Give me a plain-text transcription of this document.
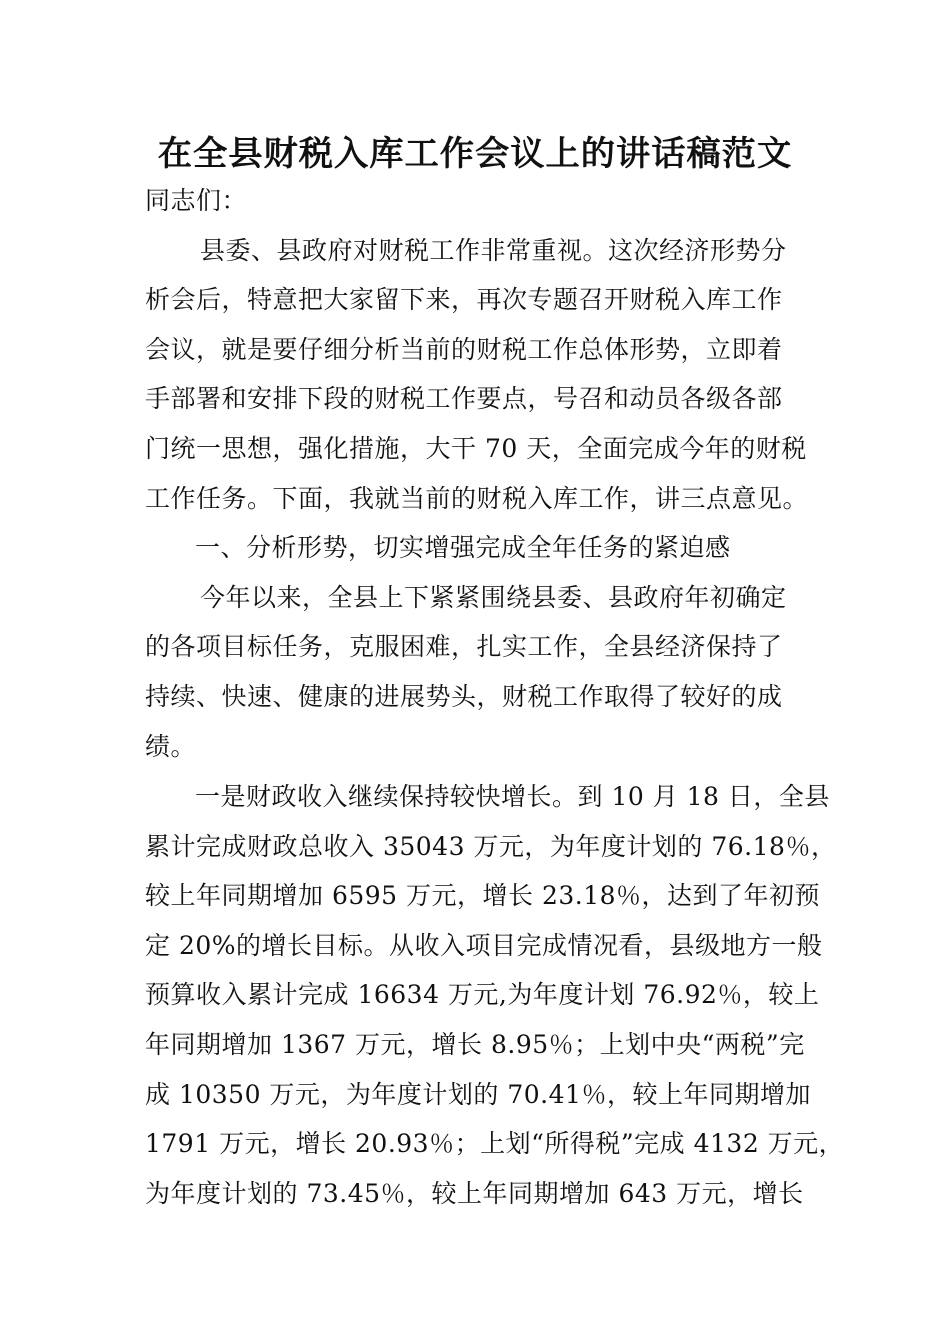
在全县财税入库工作会议上的讲话稿范文
同志们：
县委、县政府对财税工作非常重视。这次经济形势分
析会后，特意把大家留下来，再次专题召开财税入库工作
会议，就是要仔细分析当前的财税工作总体形势，立即着
手部署和安排下段的财税工作要点，号召和动员各级各部
门统一思想，强化措施，大干 70 天，全面完成今年的财税
工作任务。下面，我就当前的财税入库工作，讲三点意见。
一、分析形势，切实增强完成全年任务的紧迫感
今年以来，全县上下紧紧围绕县委、县政府年初确定
的各项目标任务，克服困难，扎实工作，全县经济保持了
持续、快速、健康的进展势头，财税工作取得了较好的成
绩。
一是财政收入继续保持较快增长。到 10 月 18 日，全县
累计完成财政总收入 35043 万元，为年度计划的 76.18％，
较上年同期增加 6595 万元，增长 23.18％，达到了年初预
定 20%的增长目标。从收入项目完成情况看，县级地方一般
预算收入累计完成 16634 万元,为年度计划 76.92％，较上
年同期增加 1367 万元，增长 8.95％；上划中央“两税”完
成 10350 万元，为年度计划的 70.41％，较上年同期增加
1791 万元，增长 20.93％；上划“所得税”完成 4132 万元，
为年度计划的 73.45％，较上年同期增加 643 万元，增长
